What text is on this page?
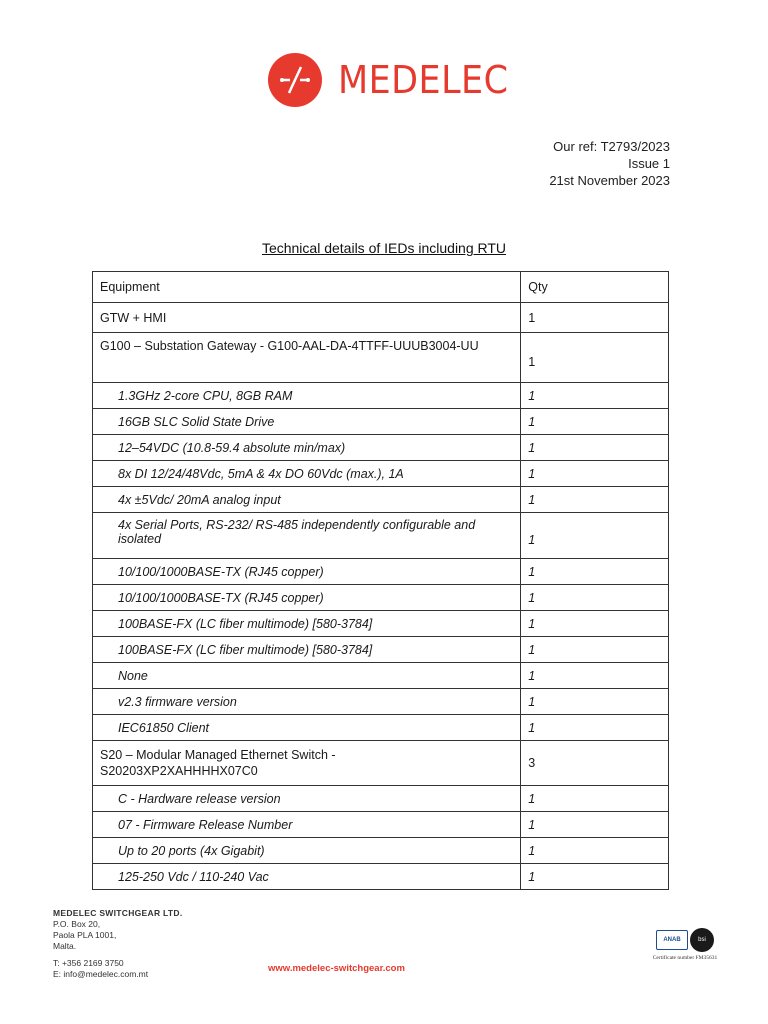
MEDELEC
Our ref: T2793/2023
Issue 1
21st November 2023
Technical details of IEDs including RTU
Equipment	Qty
GTW + HMI	1
G100 – Substation Gateway - G100-AAL-DA-4TTFF-UUUB3004-UU	1
1.3GHz 2-core CPU, 8GB RAM	1
16GB SLC Solid State Drive	1
12–54VDC (10.8-59.4 absolute min/max)	1
8x DI 12/24/48Vdc, 5mA & 4x DO 60Vdc (max.), 1A	1
4x ±5Vdc/ 20mA analog input	1
4x Serial Ports, RS-232/ RS-485 independently configurable and isolated	1
10/100/1000BASE-TX (RJ45 copper)	1
10/100/1000BASE-TX (RJ45 copper)	1
100BASE-FX (LC fiber multimode) [580-3784]	1
100BASE-FX (LC fiber multimode) [580-3784]	1
None	1
v2.3 firmware version	1
IEC61850 Client	1

S20 – Modular Managed Ethernet Switch -
S20203XP2XAHHHHX07C0	3
C - Hardware release version	1
07 - Firmware Release Number	1
Up to 20 ports (4x Gigabit)	1
125-250 Vdc / 110-240 Vac	1
MEDELEC SWITCHGEAR LTD.
P.O. Box 20,
Paola PLA 1001,
Malta.
T: +356 2169 3750
E: info@medelec.com.mt	www.medelec-switchgear.com
ANAB	bsi
Certificate number FM35631
